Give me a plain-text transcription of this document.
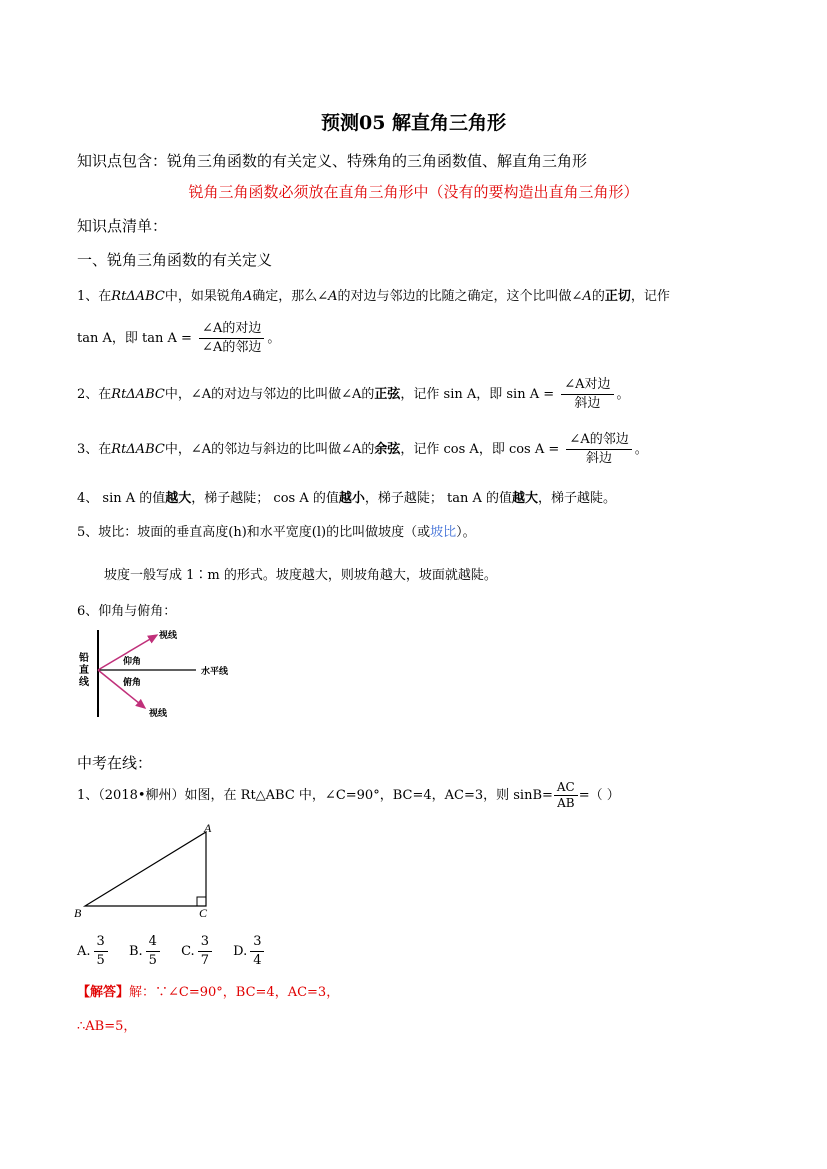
预测05 解直角三角形
知识点包含：锐角三角函数的有关定义、特殊角的三角函数值、解直角三角形
锐角三角函数必须放在直角三角形中（没有的要构造出直角三角形）
知识点清单：
一、锐角三角函数的有关定义
1、在RtΔABC中，如果锐角A确定，那么∠A的对边与邻边的比随之确定，这个比叫做∠A的正切，记作
tan A，即 $\tan A = \frac{\text{∠A的对边}}{\text{∠A的邻边}}$ 。
2、在RtΔABC中，∠A的对边与邻边的比叫做∠A的正弦，记作 sin A，即 $\sin A = \frac{\text{∠A对边}}{\text{斜边}}$ 。
3、在RtΔABC中，∠A的邻边与斜边的比叫做∠A的余弦，记作 cos A，即 $\cos A = \frac{\text{∠A的邻边}}{\text{斜边}}$ 。
4、 sin A 的值越大，梯子越陡； cos A 的值越小，梯子越陡； tan A 的值越大，梯子越陡。
5、坡比：坡面的垂直高度(h)和水平宽度(l)的比叫做坡度（或坡比）。
坡度一般写成 1∶m 的形式。坡度越大，则坡角越大，坡面就越陡。
6、仰角与俯角：
铅
直
线
视线
仰角
俯角
水平线
视线
中考在线：
1、（2018•柳州）如图，在 Rt△ABC 中，∠C=90°，BC=4，AC=3，则 $\sin B= \frac{AC}{AB}$ =（ ）
A
B	C
A. $\frac{3}{5} B$. $\frac{4}{5} C$. $\frac{3}{7} D$. $\frac{3}{4}$
【解答】解：∵∠C=90°，BC=4，AC=3，
∴AB=5，
